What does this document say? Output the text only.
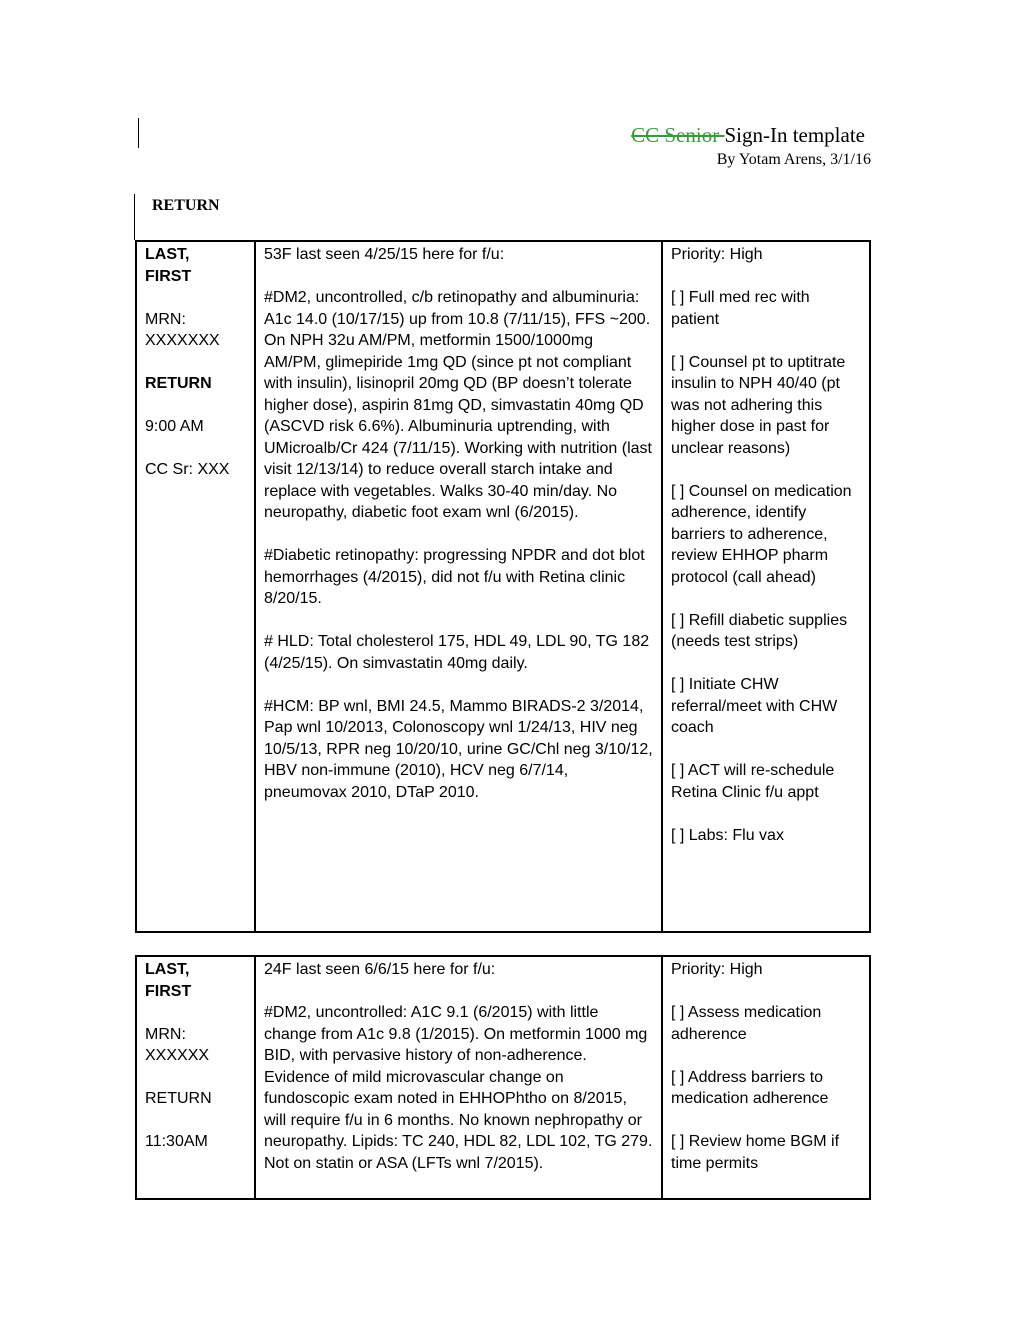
CC Senior Sign-In template
By Yotam Arens, 3/1/16
RETURN
LAST,
FIRST
MRN:
XXXXXXX
RETURN
9:00 AM
CC Sr: XXX

53F last seen 4/25/15 here for f/u:
#DM2, uncontrolled, c/b retinopathy and albuminuria: A1c 14.0 (10/17/15) up from 10.8 (7/11/15), FFS ~200. On NPH 32u AM/PM, metformin 1500/1000mg AM/PM, glimepiride 1mg QD (since pt not compliant with insulin), lisinopril 20mg QD (BP doesn’t tolerate higher dose), aspirin 81mg QD, simvastatin 40mg QD (ASCVD risk 6.6%). Albuminuria uptrending, with UMicroalb/Cr 424 (7/11/15). Working with nutrition (last visit 12/13/14) to reduce overall starch intake and replace with vegetables. Walks 30-40 min/day. No neuropathy, diabetic foot exam wnl (6/2015).
#Diabetic retinopathy: progressing NPDR and dot blot hemorrhages (4/2015), did not f/u with Retina clinic 8/20/15.
# HLD: Total cholesterol 175, HDL 49, LDL 90, TG 182 (4/25/15). On simvastatin 40mg daily.
#HCM: BP wnl, BMI 24.5, Mammo BIRADS-2 3/2014, Pap wnl 10/2013, Colonoscopy wnl 1/24/13, HIV neg 10/5/13, RPR neg 10/20/10, urine GC/Chl neg 3/10/12, HBV non-immune (2010), HCV neg 6/7/14, pneumovax 2010, DTaP 2010.

Priority: High
[ ] Full med rec with patient
[ ] Counsel pt to uptitrate insulin to NPH 40/40 (pt was not adhering this higher dose in past for unclear reasons)
[ ] Counsel on medication adherence, identify barriers to adherence, review EHHOP pharm protocol (call ahead)
[ ] Refill diabetic supplies (needs test strips)
[ ] Initiate CHW referral/meet with CHW coach
[ ] ACT will re-schedule Retina Clinic f/u appt
[ ] Labs: Flu vax
LAST,
FIRST
MRN:
XXXXXX
RETURN
11:30AM

24F last seen 6/6/15 here for f/u:
#DM2, uncontrolled: A1C 9.1 (6/2015) with little change from A1c 9.8 (1/2015). On metformin 1000 mg BID, with pervasive history of non-adherence. Evidence of mild microvascular change on fundoscopic exam noted in EHHOPhtho on 8/2015, will require f/u in 6 months. No known nephropathy or neuropathy. Lipids: TC 240, HDL 82, LDL 102, TG 279. Not on statin or ASA (LFTs wnl 7/2015).

Priority: High
[ ] Assess medication adherence
[ ] Address barriers to medication adherence
[ ] Review home BGM if time permits
